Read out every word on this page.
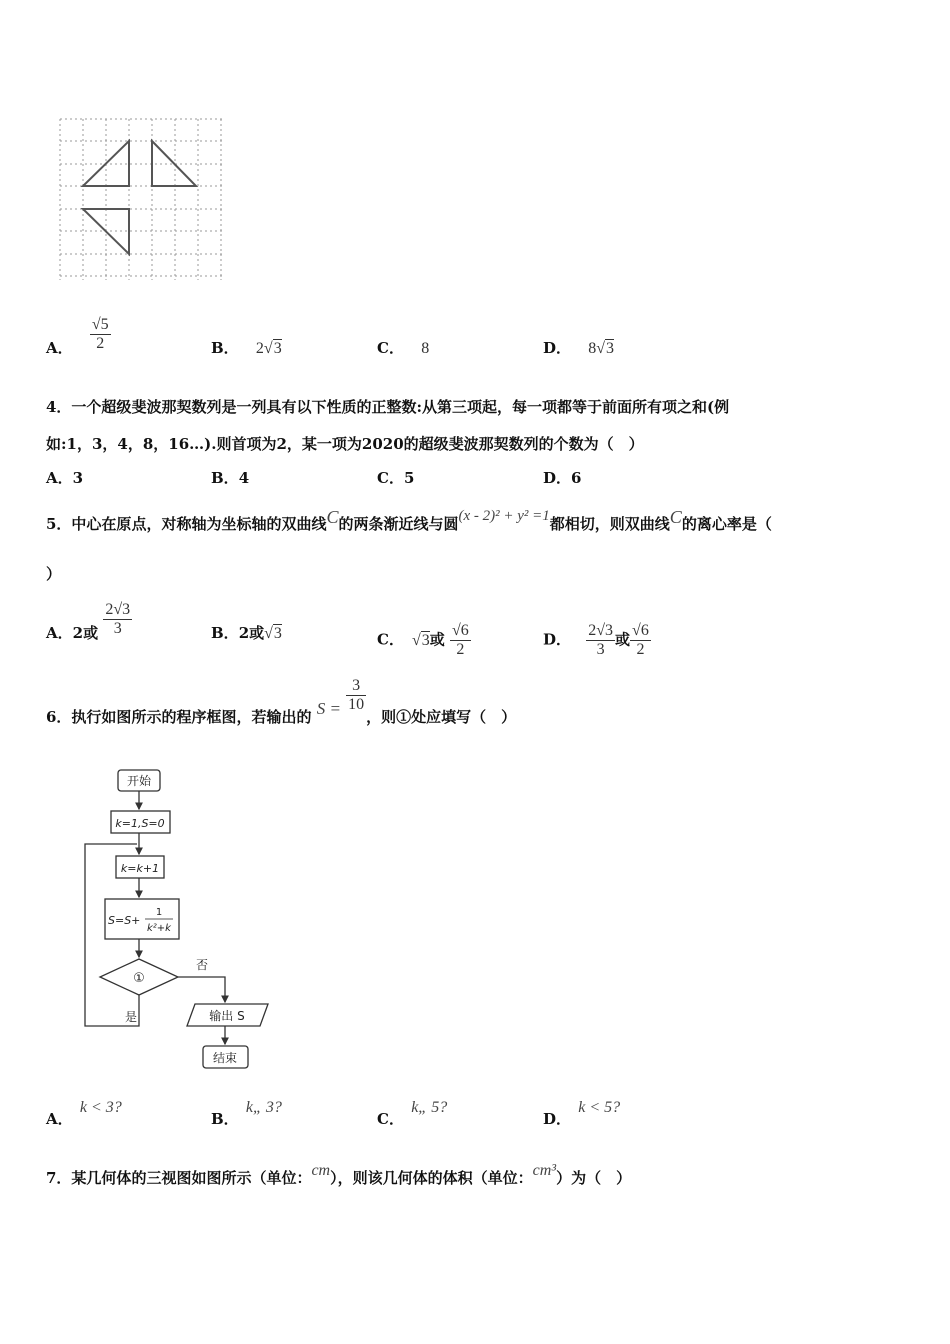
A． $\frac{√5}{2}$	B． 2√3	C． 8	D． 8√3
4．一个超级斐波那契数列是一列具有以下性质的正整数:从第三项起，每一项都等于前面所有项之和(例
如:1，3，4，8，16…).则首项为2，某一项为2020的超级斐波那契数列的个数为（　）
A．3	B．4	C．5	D．6
5．中心在原点，对称轴为坐标轴的双曲线C的两条渐近线与圆(x - 2)² + y² =1都相切，则双曲线C的离心率是（
）
A．2或 $\frac{2√3}{3}$	B．2或√3	C． √3或 $\frac{√6}{2}$	D． $\frac{2√3}{3}$ 或 $\frac{√6}{2}$
6．执行如图所示的程序框图，若输出的 $S = \frac{3}{10}$
，则①处应填写（　）
开始
k=1,S=0
k=k+1
S=S+
1
k²+k
①
否
是	输出 S
结束
A． k < 3?
B． k„ 3?
C． k„ 5?
D． k < 5?
7．某几何体的三视图如图所示（单位：cm），则该几何体的体积（单位：cm³）为（　）
